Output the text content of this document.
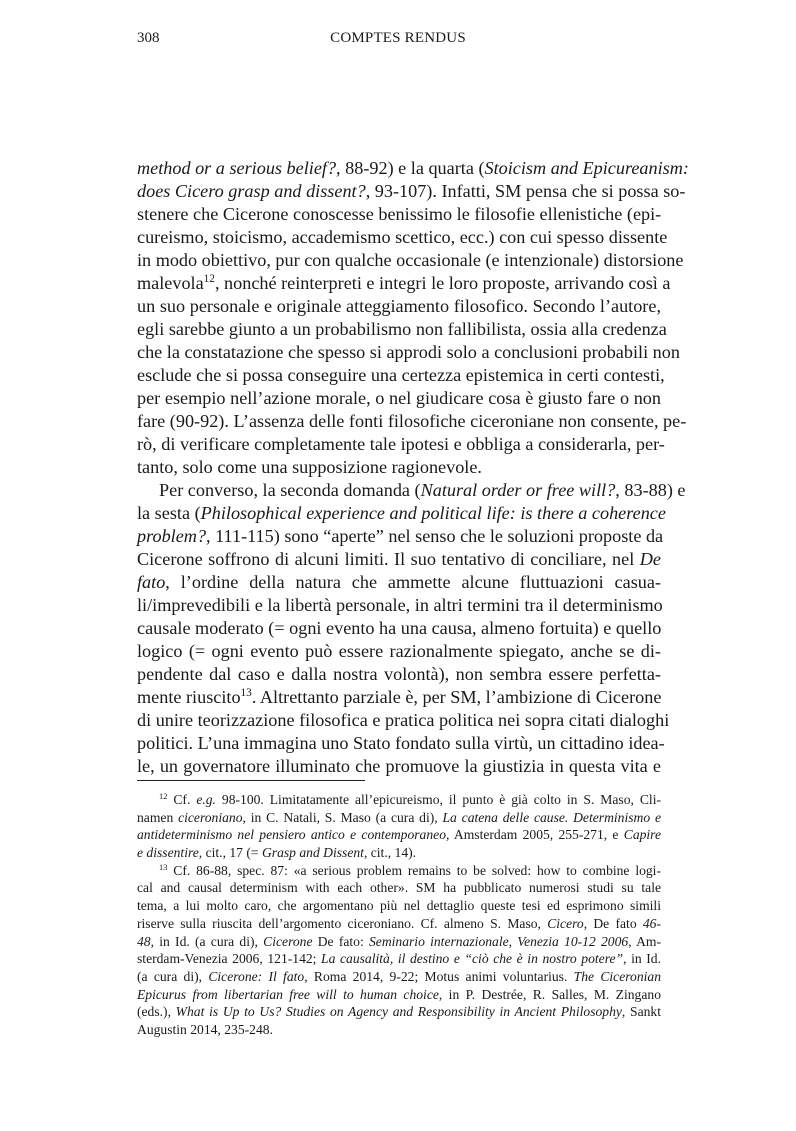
308	COMPTES RENDUS
method or a serious belief?, 88-92) e la quarta (Stoicism and Epicureanism:
does Cicero grasp and dissent?, 93-107). Infatti, SM pensa che si possa so-
stenere che Cicerone conoscesse benissimo le filosofie ellenistiche (epi-
cureismo, stoicismo, accademismo scettico, ecc.) con cui spesso dissente
in modo obiettivo, pur con qualche occasionale (e intenzionale) distorsione
malevola$^{12}$, nonché reinterpreti e integri le loro proposte, arrivando così a
un suo personale e originale atteggiamento filosofico. Secondo l’autore,
egli sarebbe giunto a un probabilismo non fallibilista, ossia alla credenza
che la constatazione che spesso si approdi solo a conclusioni probabili non
esclude che si possa conseguire una certezza epistemica in certi contesti,
per esempio nell’azione morale, o nel giudicare cosa è giusto fare o non
fare (90-92). L’assenza delle fonti filosofiche ciceroniane non consente, pe-
rò, di verificare completamente tale ipotesi e obbliga a considerarla, per-
tanto, solo come una supposizione ragionevole.
Per converso, la seconda domanda (Natural order or free will?, 83-88) e
la sesta (Philosophical experience and political life: is there a coherence
problem?, 111-115) sono “aperte” nel senso che le soluzioni proposte da
Cicerone soffrono di alcuni limiti. Il suo tentativo di conciliare, nel De
fato, l’ordine della natura che ammette alcune fluttuazioni casua-
li/imprevedibili e la libertà personale, in altri termini tra il determinismo
causale moderato (= ogni evento ha una causa, almeno fortuita) e quello
logico (= ogni evento può essere razionalmente spiegato, anche se di-
pendente dal caso e dalla nostra volontà), non sembra essere perfetta-
mente riuscito$^{13}$. Altrettanto parziale è, per SM, l’ambizione di Cicerone
di unire teorizzazione filosofica e pratica politica nei sopra citati dialoghi
politici. L’una immagina uno Stato fondato sulla virtù, un cittadino idea-
le, un governatore illuminato che promuove la giustizia in questa vita e
$^{12}$ Cf. e.g. 98-100. Limitatamente all’epicureismo, il punto è già colto in S. Maso, Cli-
namen ciceroniano, in C. Natali, S. Maso (a cura di), La catena delle cause. Determinismo e
antideterminismo nel pensiero antico e contemporaneo, Amsterdam 2005, 255-271, e Capire
e dissentire, cit., 17 (= Grasp and Dissent, cit., 14).
$^{13}$ Cf. 86-88, spec. 87: «a serious problem remains to be solved: how to combine logi-
cal and causal determinism with each other». SM ha pubblicato numerosi studi su tale
tema, a lui molto caro, che argomentano più nel dettaglio queste tesi ed esprimono simili
riserve sulla riuscita dell’argomento ciceroniano. Cf. almeno S. Maso, Cicero, De fato 46-
48, in Id. (a cura di), Cicerone De fato: Seminario internazionale, Venezia 10-12 2006, Am-
sterdam-Venezia 2006, 121-142; La causalità, il destino e “ciò che è in nostro potere”, in Id.
(a cura di), Cicerone: Il fato, Roma 2014, 9-22; Motus animi voluntarius. The Ciceronian
Epicurus from libertarian free will to human choice, in P. Destrée, R. Salles, M. Zingano
(eds.), What is Up to Us? Studies on Agency and Responsibility in Ancient Philosophy, Sankt
Augustin 2014, 235-248.
